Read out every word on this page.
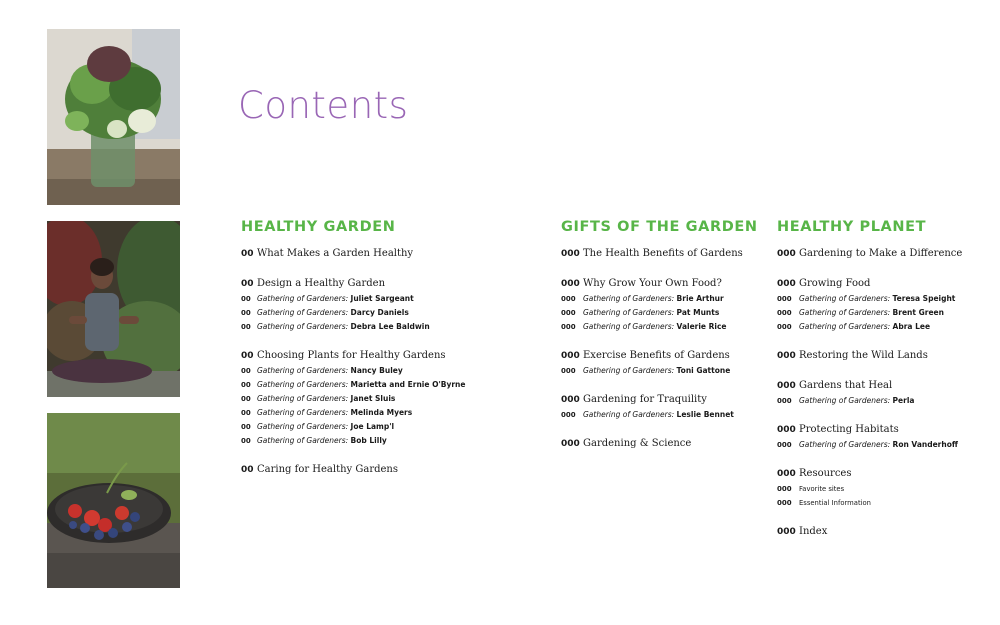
Contents
HEALTHY GARDEN
00 What Makes a Garden Healthy
00 Design a Healthy Garden
00 Gathering of Gardeners: Juliet Sargeant
00 Gathering of Gardeners: Darcy Daniels
00 Gathering of Gardeners: Debra Lee Baldwin
00 Choosing Plants for Healthy Gardens
00 Gathering of Gardeners: Nancy Buley
00 Gathering of Gardeners: Marietta and Ernie O'Byrne
00 Gathering of Gardeners: Janet Sluis
00 Gathering of Gardeners: Melinda Myers
00 Gathering of Gardeners: Joe Lamp'l
00 Gathering of Gardeners: Bob Lilly
00 Caring for Healthy Gardens
GIFTS OF THE GARDEN
000 The Health Benefits of Gardens
000 Why Grow Your Own Food?
000 Gathering of Gardeners: Brie Arthur
000 Gathering of Gardeners: Pat Munts
000 Gathering of Gardeners: Valerie Rice
000 Exercise Benefits of Gardens
000 Gathering of Gardeners: Toni Gattone
000 Gardening for Traquility
000 Gathering of Gardeners: Leslie Bennet
000 Gardening & Science
HEALTHY PLANET
000 Gardening to Make a Difference
000 Growing Food
000 Gathering of Gardeners: Teresa Speight
000 Gathering of Gardeners: Brent Green
000 Gathering of Gardeners: Abra Lee
000 Restoring the Wild Lands
000 Gardens that Heal
000 Gathering of Gardeners: Perla
000 Protecting Habitats
000 Gathering of Gardeners: Ron Vanderhoff
000 Resources
000 Favorite sites
000 Essential Information
000 Index
